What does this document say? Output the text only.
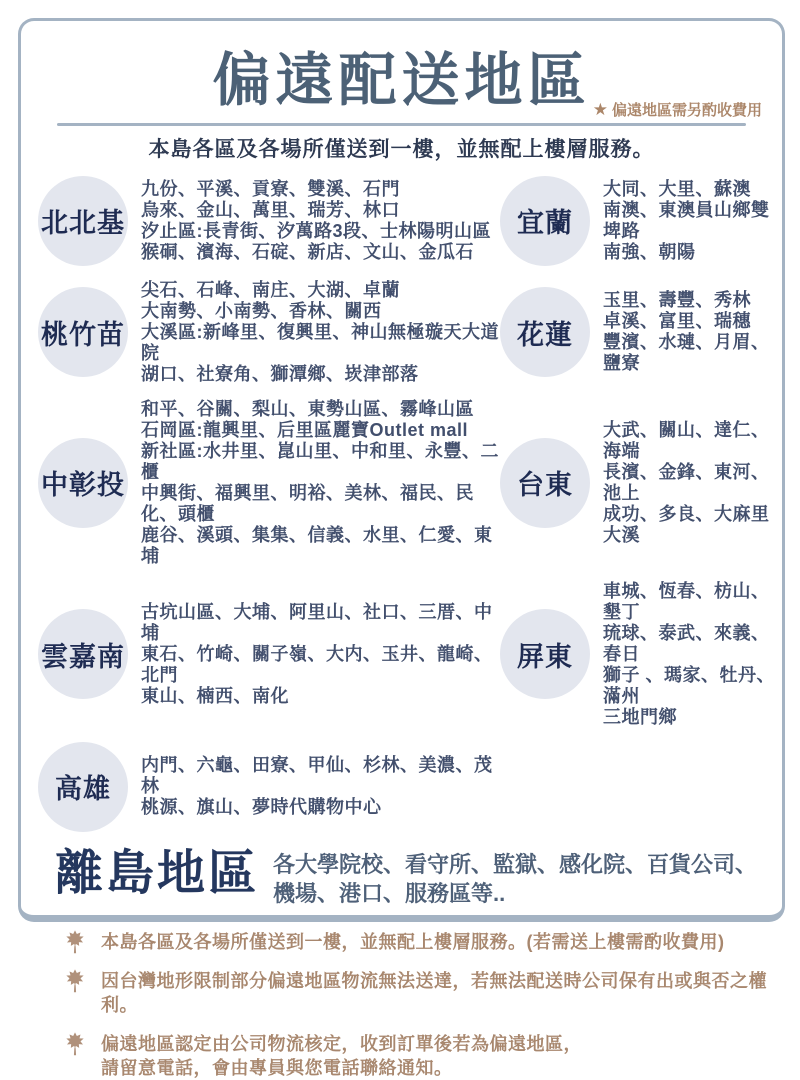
偏遠配送地區 ★ 偏遠地區需另酌收費用
本島各區及各場所僅送到一樓，並無配上樓層服務。
北北基
九份、平溪、貢寮、雙溪、石門
烏來、金山、萬里、瑞芳、林口
汐止區:長青街、汐萬路3段、士林陽明山區
猴硐、濱海、石碇、新店、文山、金瓜石
宜蘭
大同、大里、蘇澳
南澳、東澳員山鄉雙埤路
南強、朝陽
桃竹苗
尖石、石峰、南庄、大湖、卓蘭
大南勢、小南勢、香林、關西
大溪區:新峰里、復興里、神山無極璇天大道院
湖口、社寮角、獅潭鄉、崁津部落
花蓮
玉里、壽豐、秀林
卓溪、富里、瑞穗
豐濱、水璉、月眉、鹽寮
中彰投
和平、谷關、梨山、東勢山區、霧峰山區
石岡區:龍興里、后里區麗寶Outlet mall
新社區:水井里、崑山里、中和里、永豐、二櫃
中興街、福興里、明裕、美林、福民、民化、頭櫃
鹿谷、溪頭、集集、信義、水里、仁愛、東埔
台東
大武、關山、達仁、海端
長濱、金鋒、東河、池上
成功、多良、大麻里
大溪
雲嘉南
古坑山區、大埔、阿里山、社口、三厝、中埔
東石、竹崎、關子嶺、大内、玉井、龍崎、北門
東山、楠西、南化
屏東
車城、恆春、枋山、墾丁
琉球、泰武、來義、春日
獅子 、瑪家、牡丹、滿州
三地門鄉
高雄
内門、六龜、田寮、甲仙、杉林、美濃、茂林
桃源、旗山、夢時代購物中心
離島地區 各大學院校、看守所、監獄、感化院、百貨公司、
機場、港口、服務區等..
本島各區及各場所僅送到一樓，並無配上樓層服務。(若需送上樓需酌收費用)
因台灣地形限制部分偏遠地區物流無法送達，若無法配送時公司保有出或與否之權利。
偏遠地區認定由公司物流核定，收到訂單後若為偏遠地區，
請留意電話，會由專員與您電話聯絡通知。
